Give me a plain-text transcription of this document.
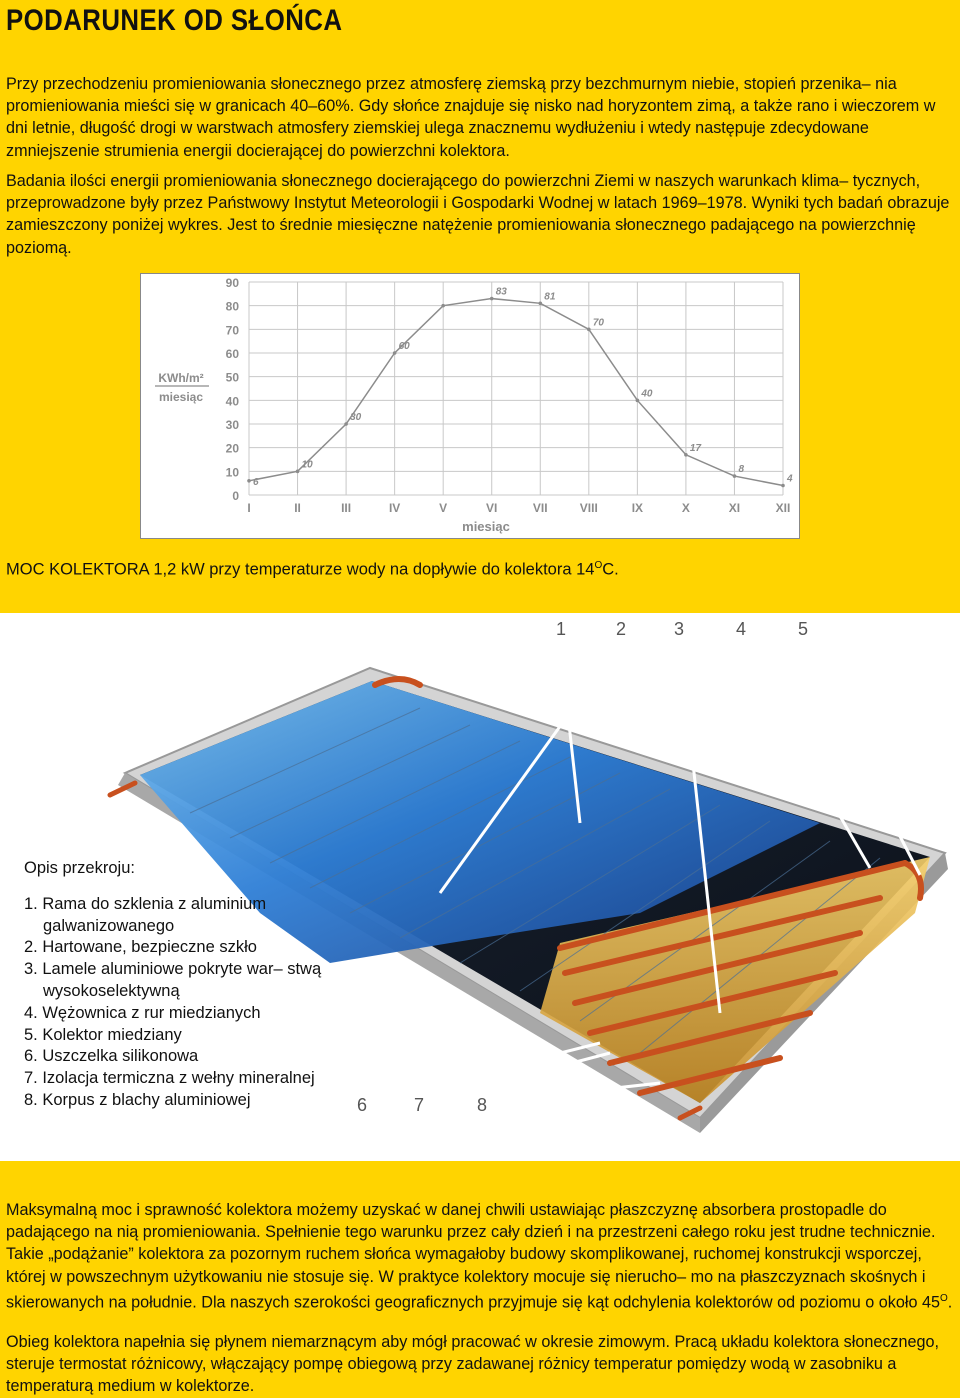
PODARUNEK OD SŁOŃCA

Przy przechodzeniu promieniowania słonecznego przez atmosferę ziemską przy bezchmurnym niebie, stopień przenika– nia promieniowania mieści się w granicach 40–60%. Gdy słońce znajduje się nisko nad horyzontem zimą, a także rano i wieczorem w dni letnie, długość drogi w warstwach atmosfery ziemskiej ulega znacznemu wydłużeniu i wtedy następuje zdecydowane zmniejszenie strumienia energii docierającej do powierzchni kolektora.

Badania ilości energii promieniowania słonecznego docierającego do powierzchni Ziemi w naszych warunkach klima– tycznych, przeprowadzone były przez Państwowy Instytut Meteorologii i Gospodarki Wodnej w latach 1969–1978. Wyniki tych badań obrazuje zamieszczony poniżej wykres. Jest to średnie miesięczne natężenie promieniowania słonecznego padającego na powierzchnię poziomą.

0
10
20
30
40
50
60
70
80
90
I	II	III	IV	V	VI	VII	VIII	IX	X	XI	XII
6
10
30
60
83	81
70
40
17
8
4
KWh/m²
miesiąc
miesiąc
MOC KOLEKTORA 1,2 kW przy temperaturze wody na dopływie do kolektora $14^OC$.
1	2	3	4	5
6	7	8
Opis przekroju:
1. Rama do szklenia z aluminium galwanizowanego
2. Hartowane, bezpieczne szkło
3. Lamele aluminiowe pokryte war– stwą wysokoselektywną
4. Wężownica z rur miedzianych
5. Kolektor miedziany
6. Uszczelka silikonowa
7. Izolacja termiczna z wełny mineralnej
8. Korpus z blachy aluminiowej

Maksymalną moc i sprawność kolektora możemy uzyskać w danej chwili ustawiając płaszczyznę absorbera prostopadle do padającego na nią promieniowania. Spełnienie tego warunku przez cały dzień i na przestrzeni całego roku jest trudne technicznie. Takie „podążanie” kolektora za pozornym ruchem słońca wymagałoby budowy skomplikowanej, ruchomej konstrukcji wsporczej, której w powszechnym użytkowaniu nie stosuje się. W praktyce kolektory mocuje się nierucho– mo na płaszczyznach skośnych i skierowanych na południe. Dla naszych szerokości geograficznych przyjmuje się kąt odchylenia kolektorów od poziomu o około $45^O$.

Obieg kolektora napełnia się płynem niemarznącym aby mógł pracować w okresie zimowym. Pracą układu kolektora słonecznego, steruje termostat różnicowy, włączający pompę obiegową przy zadawanej różnicy temperatur pomiędzy wodą w zasobniku a temperaturą medium w kolektorze.
